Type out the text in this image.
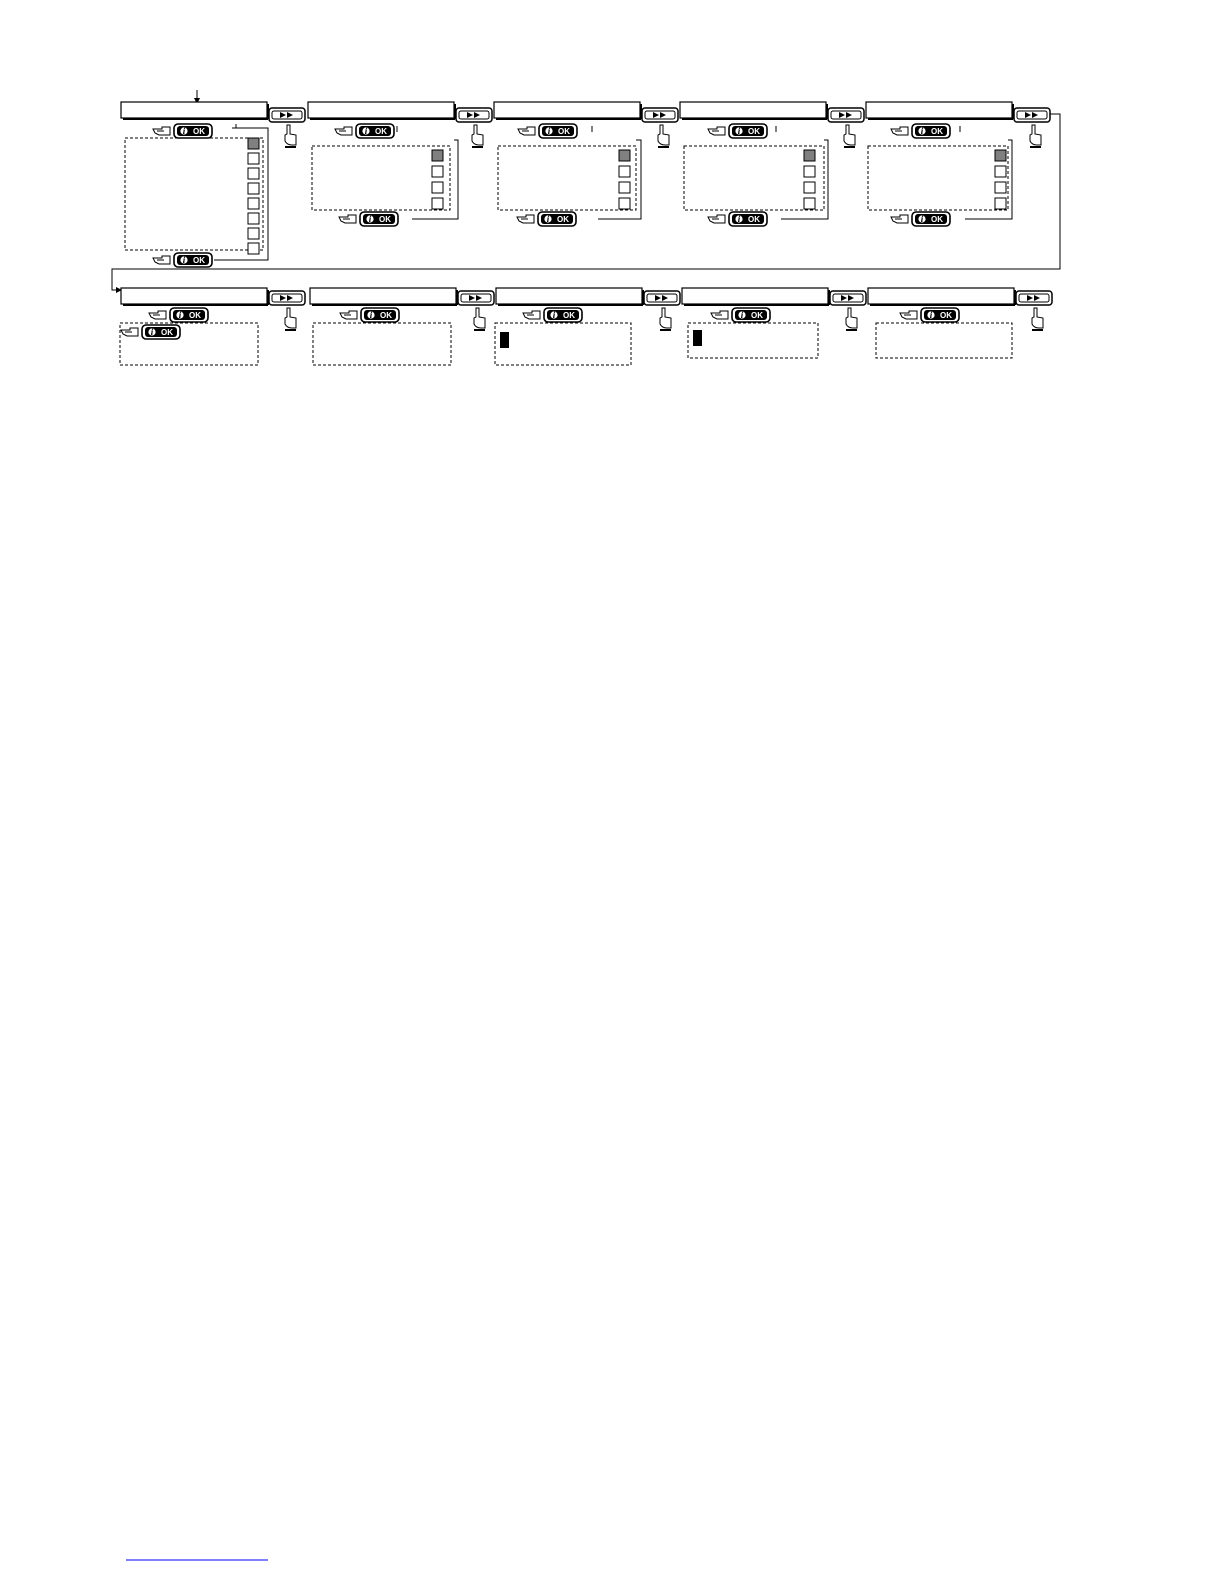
i OK	i OK	i OK	i OK	i OK
i OK
i OK	i OK	i OK	i OK
i OK	i OK	i OK	i OK	i OK
i OK
